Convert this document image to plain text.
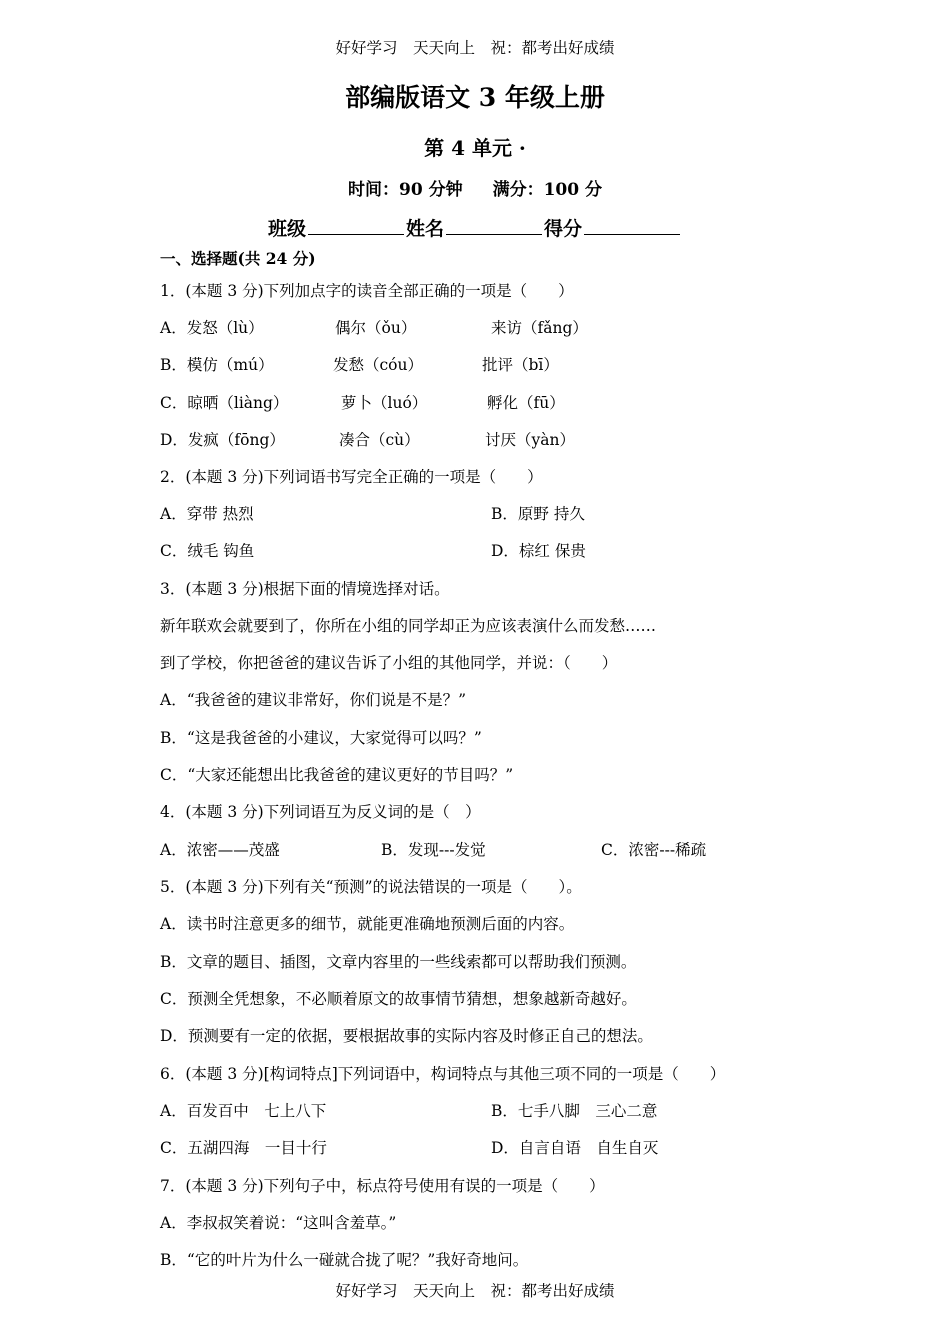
好好学习　天天向上　祝：都考出好成绩
部编版语文 3 年级上册
第 4 单元 ·
时间：90 分钟 满分：100 分
班级	姓名	得分
一、选择题(共 24 分)
1．(本题 3 分)下列加点字的读音全部正确的一项是（　　）
A．发怒（lù）	偶尔（ǒu）	来访（fǎng）
B．模仿（mú）	发愁（cóu）	批评（bī）
C．晾晒（liàng）	萝卜（luó）	孵化（fū）
D．发疯（fōng）	凑合（cù）	讨厌（yàn）
2．(本题 3 分)下列词语书写完全正确的一项是（　　）
A．穿带 热烈	B．原野 持久
C．绒毛 钩鱼	D．棕红 保贵
3．(本题 3 分)根据下面的情境选择对话。
新年联欢会就要到了，你所在小组的同学却正为应该表演什么而发愁……
到了学校，你把爸爸的建议告诉了小组的其他同学，并说：（　　）
A．“我爸爸的建议非常好，你们说是不是？”
B．“这是我爸爸的小建议，大家觉得可以吗？”
C．“大家还能想出比我爸爸的建议更好的节目吗？”
4．(本题 3 分)下列词语互为反义词的是（　）
A．浓密——茂盛	B．发现---发觉	C．浓密---稀疏
5．(本题 3 分)下列有关“预测”的说法错误的一项是（　　）。
A．读书时注意更多的细节，就能更准确地预测后面的内容。
B．文章的题目、插图，文章内容里的一些线索都可以帮助我们预测。
C．预测全凭想象，不必顺着原文的故事情节猜想，想象越新奇越好。
D．预测要有一定的依据，要根据故事的实际内容及时修正自己的想法。
6．(本题 3 分)[构词特点]下列词语中，构词特点与其他三项不同的一项是（　　）
A．百发百中　七上八下	B．七手八脚　三心二意
C．五湖四海　一目十行	D．自言自语　自生自灭
7．(本题 3 分)下列句子中，标点符号使用有误的一项是（　　）
A．李叔叔笑着说：“这叫含羞草。”
B．“它的叶片为什么一碰就合拢了呢？”我好奇地问。
好好学习　天天向上　祝：都考出好成绩
